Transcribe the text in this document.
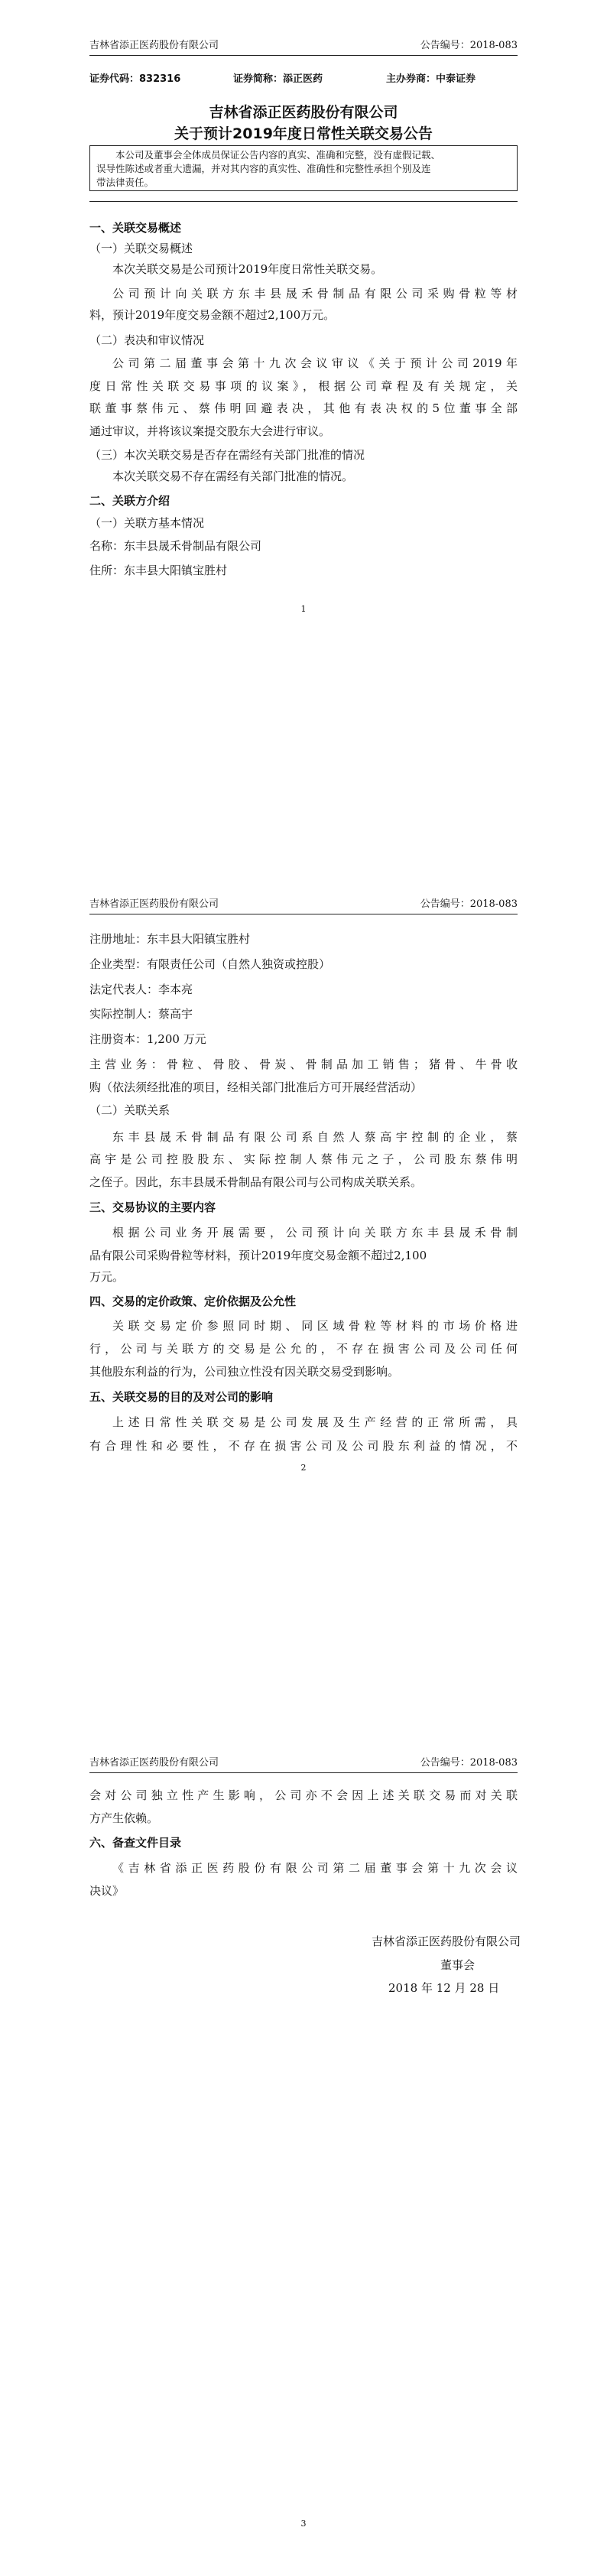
吉林省添正医药股份有限公司	公告编号：2018-083
证券代码：832316	证券简称：添正医药	主办券商：中泰证券
吉林省添正医药股份有限公司
关于预计2019年度日常性关联交易公告

本公司及董事会全体成员保证公告内容的真实、准确和完整，没有虚假记载、

误导性陈述或者重大遗漏，并对其内容的真实性、准确性和完整性承担个别及连
带法律责任。
一、关联交易概述
（一）关联交易概述
本次关联交易是公司预计2019年度日常性关联交易。
公司预计向关联方东丰县晟禾骨制品有限公司采购骨粒等材
料，预计2019年度交易金额不超过2,100万元。
（二）表决和审议情况
公司第二届董事会第十九次会议审议《关于预计公司2019年
度日常性关联交易事项的议案》，根据公司章程及有关规定，关
联董事蔡伟元、蔡伟明回避表决，其他有表决权的5位董事全部
通过审议，并将该议案提交股东大会进行审议。
（三）本次关联交易是否存在需经有关部门批准的情况
本次关联交易不存在需经有关部门批准的情况。
二、关联方介绍
（一）关联方基本情况
名称：东丰县晟禾骨制品有限公司
住所：东丰县大阳镇宝胜村
1
吉林省添正医药股份有限公司	公告编号：2018-083
注册地址：东丰县大阳镇宝胜村
企业类型：有限责任公司（自然人独资或控股）
法定代表人：李本亮
实际控制人：蔡高宇
注册资本：1,200 万元
主营业务：骨粒、骨胶、骨炭、骨制品加工销售；猪骨、牛骨收
购（依法须经批准的项目，经相关部门批准后方可开展经营活动）
（二）关联关系
东丰县晟禾骨制品有限公司系自然人蔡高宇控制的企业，蔡
高宇是公司控股股东、实际控制人蔡伟元之子，公司股东蔡伟明
之侄子。因此，东丰县晟禾骨制品有限公司与公司构成关联关系。
三、交易协议的主要内容
根据公司业务开展需要，公司预计向关联方东丰县晟禾骨制
品有限公司采购骨粒等材料，预计2019年度交易金额不超过2,100
万元。
四、交易的定价政策、定价依据及公允性
关联交易定价参照同时期、同区域骨粒等材料的市场价格进
行，公司与关联方的交易是公允的，不存在损害公司及公司任何
其他股东利益的行为，公司独立性没有因关联交易受到影响。
五、关联交易的目的及对公司的影响
上述日常性关联交易是公司发展及生产经营的正常所需，具
有合理性和必要性，不存在损害公司及公司股东利益的情况，不
2
吉林省添正医药股份有限公司	公告编号：2018-083
会对公司独立性产生影响，公司亦不会因上述关联交易而对关联
方产生依赖。
六、备查文件目录
《吉林省添正医药股份有限公司第二届董事会第十九次会议
决议》
吉林省添正医药股份有限公司
董事会
2018 年 12 月 28 日
3
